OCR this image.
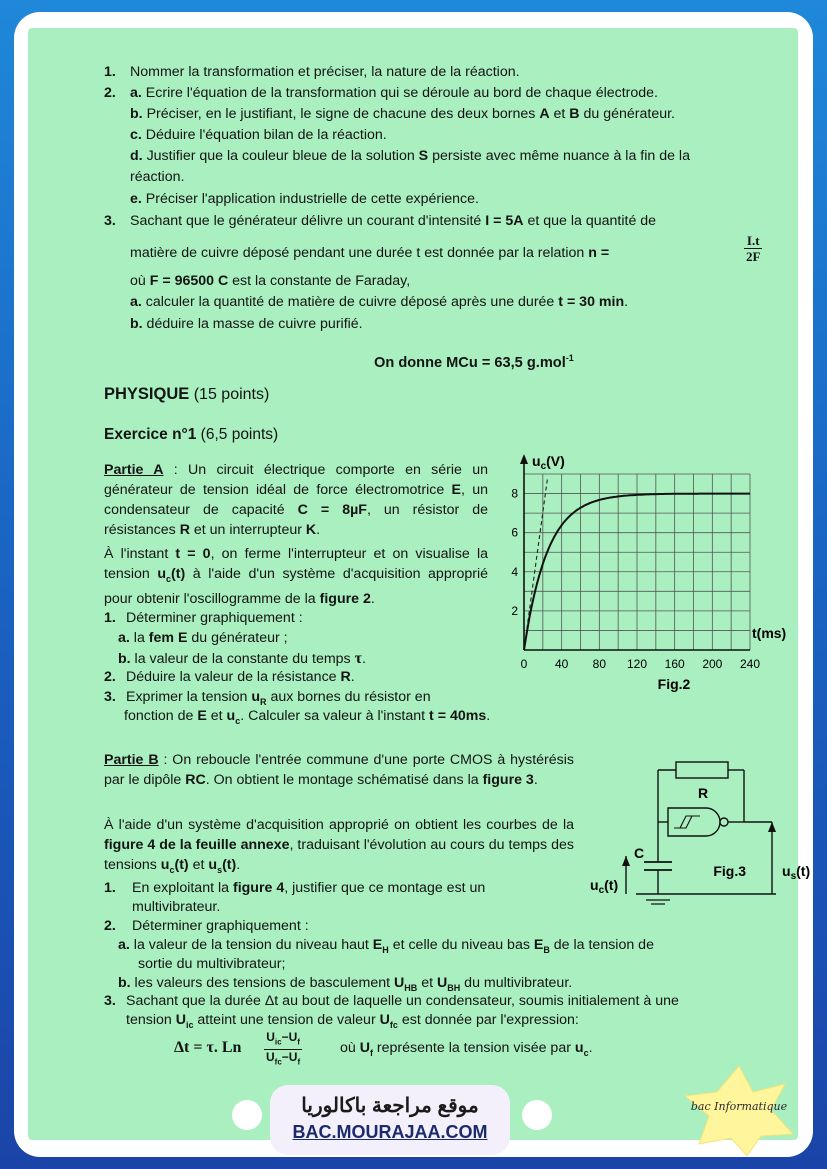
1. Nommer la transformation et préciser, la nature de la réaction.
2. a. Ecrire l'équation de la transformation qui se déroule au bord de chaque électrode.
b. Préciser, en le justifiant, le signe de chacune des deux bornes A et B du générateur.
c. Déduire l'équation bilan de la réaction.
d. Justifier que la couleur bleue de la solution S persiste avec même nuance à la fin de la
réaction.
e. Préciser l'application industrielle de cette expérience.
3. Sachant que le générateur délivre un courant d'intensité I = 5A et que la quantité de
matière de cuivre déposé pendant une durée t est donnée par la relation n =	$\frac{I.t}{2F}$
où F = 96500 C est la constante de Faraday,
a. calculer la quantité de matière de cuivre déposé après une durée t = 30 min.
b. déduire la masse de cuivre purifié.
On donne MCu = 63,5 g.mol$^{-1}$
PHYSIQUE (15 points)
Exercice n°1 (6,5 points)
Partie A : Un circuit électrique comporte en série un générateur de tension idéal de force électromotrice E, un condensateur de capacité C = 8µF, un résistor de résistances R et un interrupteur K.
À l'instant t = 0, on ferme l'interrupteur et on visualise la tension $u_c(t)$ à l'aide d'un système d'acquisition approprié pour obtenir l'oscillogramme de la figure 2.
1. Déterminer graphiquement :
a. la fem E du générateur ;
b. la valeur de la constante du temps τ.
2. Déduire la valeur de la résistance R.
3. Exprimer la tension $u_R$ aux bornes du résistor en
fonction de E et $u_c$. Calculer sa valeur à l'instant t = 40ms.
$u_c(V)$
t(ms)
2
4
6
8
0 40 80 120 160 200 240
Fig.2
Partie B : On reboucle l'entrée commune d'une porte CMOS à hystérésis par le dipôle RC. On obtient le montage schématisé dans la figure 3.
À l'aide d'un système d'acquisition approprié on obtient les courbes de la figure 4 de la feuille annexe, traduisant l'évolution au cours du temps des tensions $u_c(t)$ et $u_s(t)$.
1. En exploitant la figure 4, justifier que ce montage est un
multivibrateur.
2. Déterminer graphiquement :
a. la valeur de la tension du niveau haut $E_H$ et celle du niveau bas $E_B$ de la tension de
sortie du multivibrateur;
b. les valeurs des tensions de basculement $U_{HB}$ et $U_{BH}$ du multivibrateur.
3. Sachant que la durée Δt au bout de laquelle un condensateur, soumis initialement à une
tension $U_{ic}$ atteint une tension de valeur $U_{fc}$ est donnée par l'expression:
Δt = τ. Ln
$U_{ic}-U_f$
$U_{fc}-U_f$
où $U_f$ représente la tension visée par $u_c$.
R
C
$u_c(t)$
Fig.3	$u_s(t)$
موقع مراجعة باكالوريا
BAC.MOURAJAA.COM
bac Informatique
